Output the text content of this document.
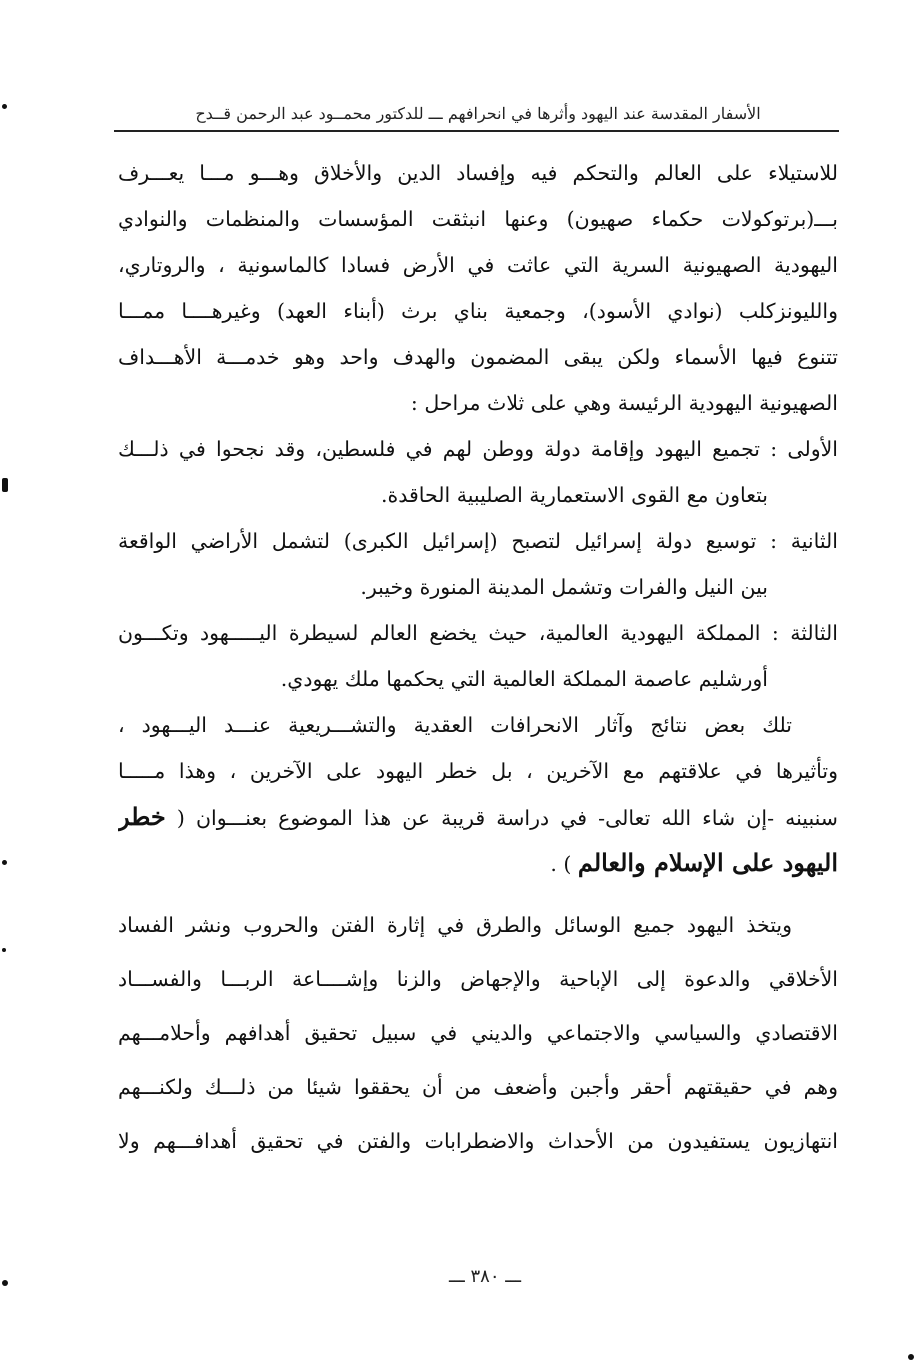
الأسفار المقدسة عند اليهود وأثرها في انحرافهم ـــ للدكتور محمــود عبد الرحمن قــدح
للاستيلاء على العالم والتحكم فيه وإفساد الدين والأخلاق وهـــو مـــا يعـــرف
بـــ(برتوكولات حكماء صهيون) وعنها انبثقت المؤسسات والمنظمات والنوادي
اليهودية الصهيونية السرية التي عاثت في الأرض فسادا كالماسونية ، والروتاري،
والليونزكلب (نوادي الأسود)، وجمعية بناي برث (أبناء العهد) وغيرهــــا ممـــا
تتنوع فيها الأسماء ولكن يبقى المضمون والهدف واحد وهو خدمـــة الأهـــداف
الصهيونية اليهودية الرئيسة وهي على ثلاث مراحل :
الأولى : تجميع اليهود وإقامة دولة ووطن لهم في فلسطين، وقد نجحوا في ذلـــك
بتعاون مع القوى الاستعمارية الصليبية الحاقدة.
الثانية : توسيع دولة إسرائيل لتصبح (إسرائيل الكبرى) لتشمل الأراضي الواقعة
بين النيل والفرات وتشمل المدينة المنورة وخيبر.
الثالثة : المملكة اليهودية العالمية، حيث يخضع العالم لسيطرة اليـــــهود وتكـــون
أورشليم عاصمة المملكة العالمية التي يحكمها ملك يهودي.
تلك بعض نتائج وآثار الانحرافات العقدية والتشـــريعية عنـــد اليـــهود ،
وتأثيرها في علاقتهم مع الآخرين ، بل خطر اليهود على الآخرين ، وهذا مـــــا
سنبينه -إن شاء الله تعالى- في دراسة قريبة عن هذا الموضوع بعنـــوان ( خطر
اليهود على الإسلام والعالم ) .
ويتخذ اليهود جميع الوسائل والطرق في إثارة الفتن والحروب ونشر الفساد
الأخلاقي والدعوة إلى الإباحية والإجهاض والزنا وإشــــاعة الربـــا والفســـاد
الاقتصادي والسياسي والاجتماعي والديني في سبيل تحقيق أهدافهم وأحلامـــهم
وهم في حقيقتهم أحقر وأجبن وأضعف من أن يحققوا شيئا من ذلـــك ولكنـــهم
انتهازيون يستفيدون من الأحداث والاضطرابات والفتن في تحقيق أهدافـــهم ولا
ـــ ٣٨٠ ـــ
